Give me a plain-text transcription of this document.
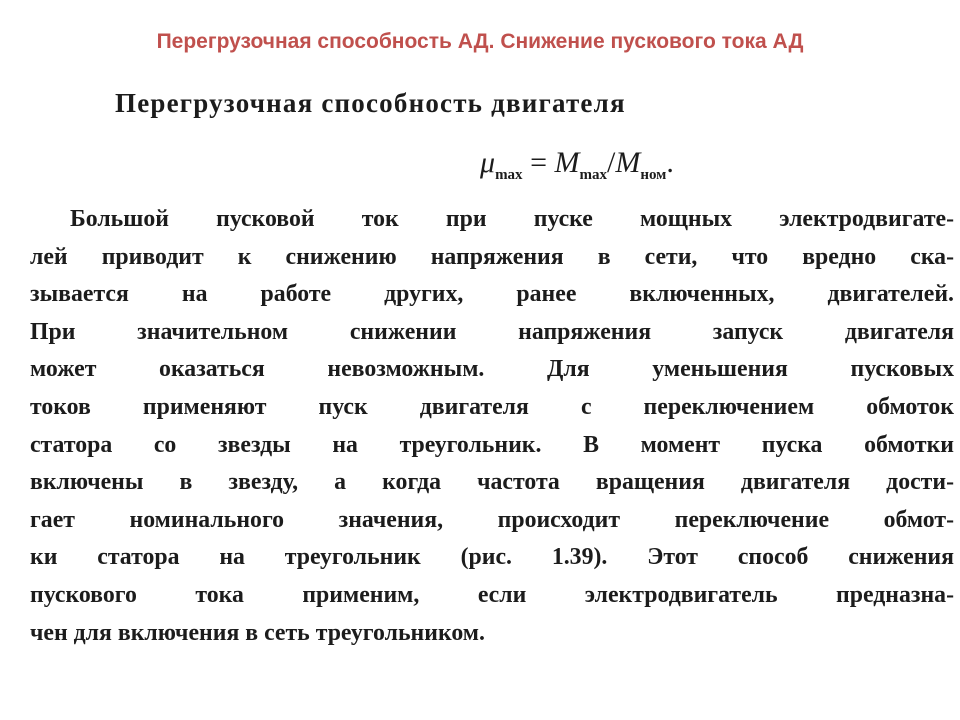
Перегрузочная способность АД. Снижение пускового тока АД
Перегрузочная способность двигателя
$\mu_{max} = M_{max}/M_{ном}$.
Большой пусковой ток при пуске мощных электродвигате-
лей приводит к снижению напряжения в сети, что вредно ска-
зывается на работе других, ранее включенных, двигателей.
При значительном снижении напряжения запуск двигателя
может оказаться невозможным. Для уменьшения пусковых
токов применяют пуск двигателя с переключением обмоток
статора со звезды на треугольник. В момент пуска обмотки
включены в звезду, а когда частота вращения двигателя дости-
гает номинального значения, происходит переключение обмот-
ки статора на треугольник (рис. 1.39). Этот способ снижения
пускового тока применим, если электродвигатель предназна-
чен для включения в сеть треугольником.
